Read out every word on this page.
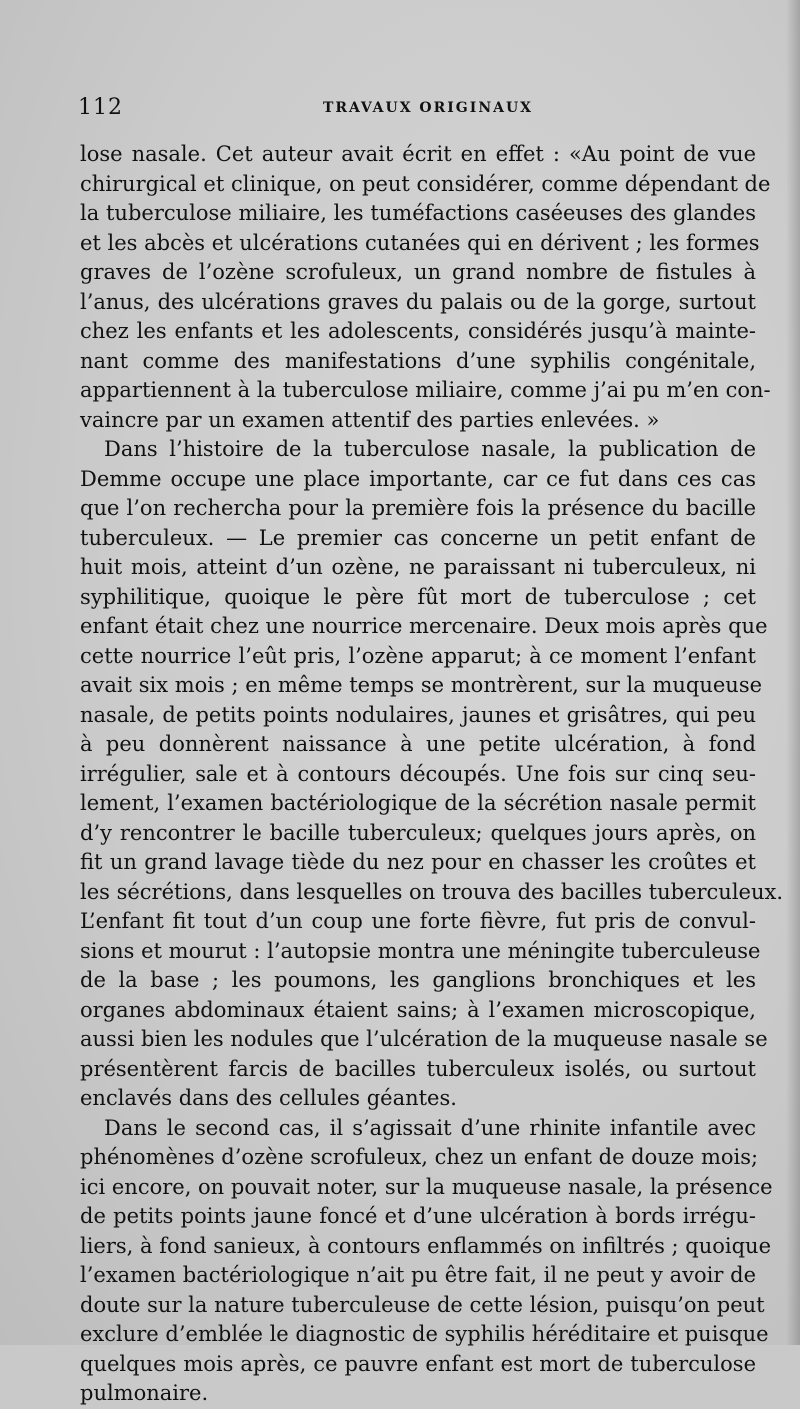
112	TRAVAUX ORIGINAUX
lose nasale. Cet auteur avait écrit en effet : «Au point de vue
chirurgical et clinique, on peut considérer, comme dépendant de
la tuberculose miliaire, les tuméfactions caséeuses des glandes
et les abcès et ulcérations cutanées qui en dérivent ; les formes
graves de l’ozène scrofuleux, un grand nombre de fistules à
l’anus, des ulcérations graves du palais ou de la gorge, surtout
chez les enfants et les adolescents, considérés jusqu’à mainte-
nant comme des manifestations d’une syphilis congénitale,
appartiennent à la tuberculose miliaire, comme j’ai pu m’en con-
vaincre par un examen attentif des parties enlevées. »
Dans l’histoire de la tuberculose nasale, la publication de
Demme occupe une place importante, car ce fut dans ces cas
que l’on rechercha pour la première fois la présence du bacille
tuberculeux. — Le premier cas concerne un petit enfant de
huit mois, atteint d’un ozène, ne paraissant ni tuberculeux, ni
syphilitique, quoique le père fût mort de tuberculose ; cet
enfant était chez une nourrice mercenaire. Deux mois après que
cette nourrice l’eût pris, l’ozène apparut; à ce moment l’enfant
avait six mois ; en même temps se montrèrent, sur la muqueuse
nasale, de petits points nodulaires, jaunes et grisâtres, qui peu
à peu donnèrent naissance à une petite ulcération, à fond
irrégulier, sale et à contours découpés. Une fois sur cinq seu-
lement, l’examen bactériologique de la sécrétion nasale permit
d’y rencontrer le bacille tuberculeux; quelques jours après, on
fit un grand lavage tiède du nez pour en chasser les croûtes et
les sécrétions, dans lesquelles on trouva des bacilles tuberculeux.
L’enfant fit tout d’un coup une forte fièvre, fut pris de convul-
sions et mourut : l’autopsie montra une méningite tuberculeuse
de la base ; les poumons, les ganglions bronchiques et les
organes abdominaux étaient sains; à l’examen microscopique,
aussi bien les nodules que l’ulcération de la muqueuse nasale se
présentèrent farcis de bacilles tuberculeux isolés, ou surtout
enclavés dans des cellules géantes.
Dans le second cas, il s’agissait d’une rhinite infantile avec
phénomènes d’ozène scrofuleux, chez un enfant de douze mois;
ici encore, on pouvait noter, sur la muqueuse nasale, la présence
de petits points jaune foncé et d’une ulcération à bords irrégu-
liers, à fond sanieux, à contours enflammés on infiltrés ; quoique
l’examen bactériologique n’ait pu être fait, il ne peut y avoir de
doute sur la nature tuberculeuse de cette lésion, puisqu’on peut
exclure d’emblée le diagnostic de syphilis héréditaire et puisque
quelques mois après, ce pauvre enfant est mort de tuberculose
pulmonaire.
